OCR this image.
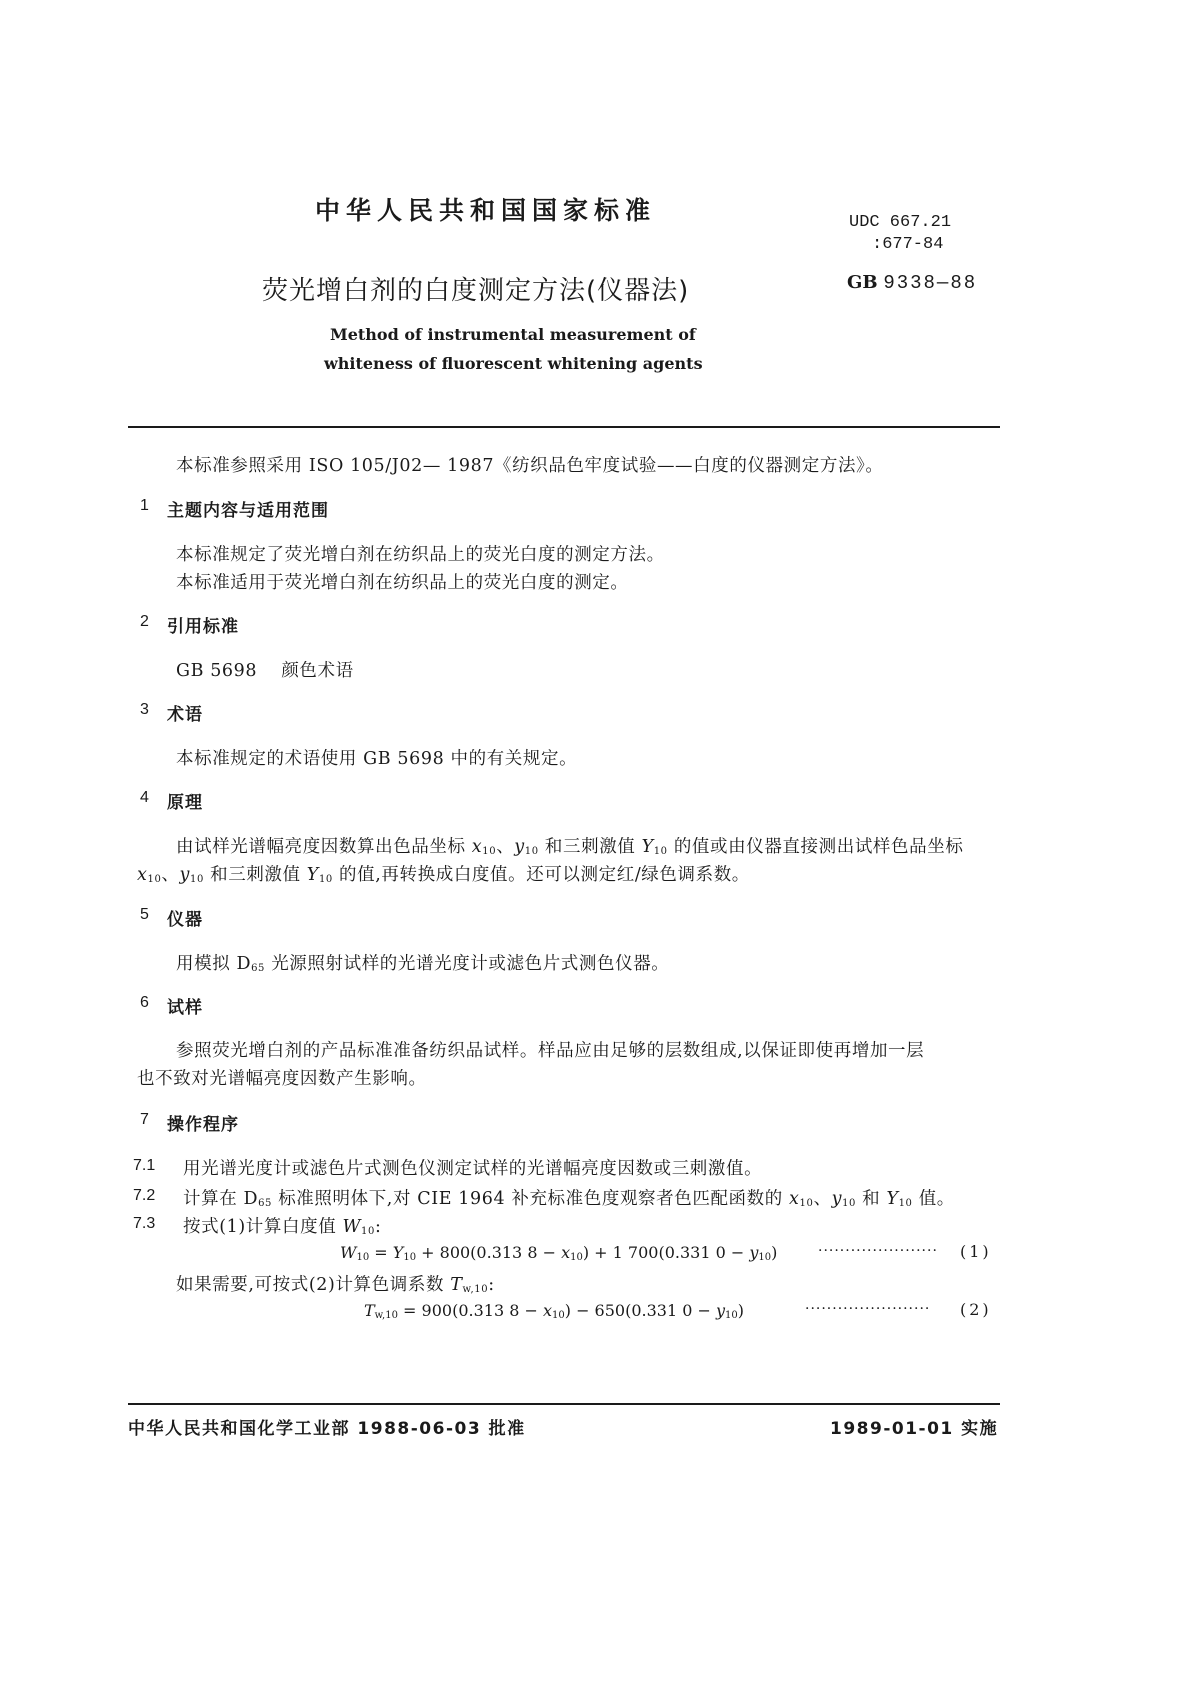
中华人民共和国国家标准	UDC 667.21
:677-84
荧光增白剂的白度测定方法(仪器法)	GB 9338—88
Method of instrumental measurement of
whiteness of fluorescent whitening agents
本标准参照采用 ISO 105/J02— 1987《纺织品色牢度试验——白度的仪器测定方法》。
1 主题内容与适用范围
本标准规定了荧光增白剂在纺织品上的荧光白度的测定方法。
本标准适用于荧光增白剂在纺织品上的荧光白度的测定。
2 引用标准
GB 5698 颜色术语
3 术语
本标准规定的术语使用 GB 5698 中的有关规定。
4 原理
由试样光谱幅亮度因数算出色品坐标 $x_{10}$、$y_{10}$ 和三刺激值 $Y_{10}$ 的值或由仪器直接测出试样色品坐标
$x_{10}$、$y_{10}$ 和三刺激值 $Y_{10}$ 的值,再转换成白度值。还可以测定红/绿色调系数。
5 仪器
用模拟 $D_{65}$ 光源照射试样的光谱光度计或滤色片式测色仪器。
6 试样
参照荧光增白剂的产品标准准备纺织品试样。样品应由足够的层数组成,以保证即使再增加一层
也不致对光谱幅亮度因数产生影响。
7 操作程序
7.1 用光谱光度计或滤色片式测色仪测定试样的光谱幅亮度因数或三刺激值。
7.2 计算在 $D_{65}$ 标准照明体下,对 CIE 1964 补充标准色度观察者色匹配函数的 $x_{10}$、$y_{10}$ 和 $Y_{10}$ 值。
7.3 按式(1)计算白度值 $W_{10}$:
$W_{10} = Y_{10} + 800(0.313$ $8 - x_{10}) + 1$ 700(0.331 $0 - y_{10}$)	······················ (1)
如果需要,可按式(2)计算色调系数 $T_{w,10}$:
$T_{w,10} = 900(0.313$ $8 - x_{10}) - 650(0.331$ $0 - y_{10}$)	······················· (2)
中华人民共和国化学工业部 1988-06-03 批准	1989-01-01 实施
